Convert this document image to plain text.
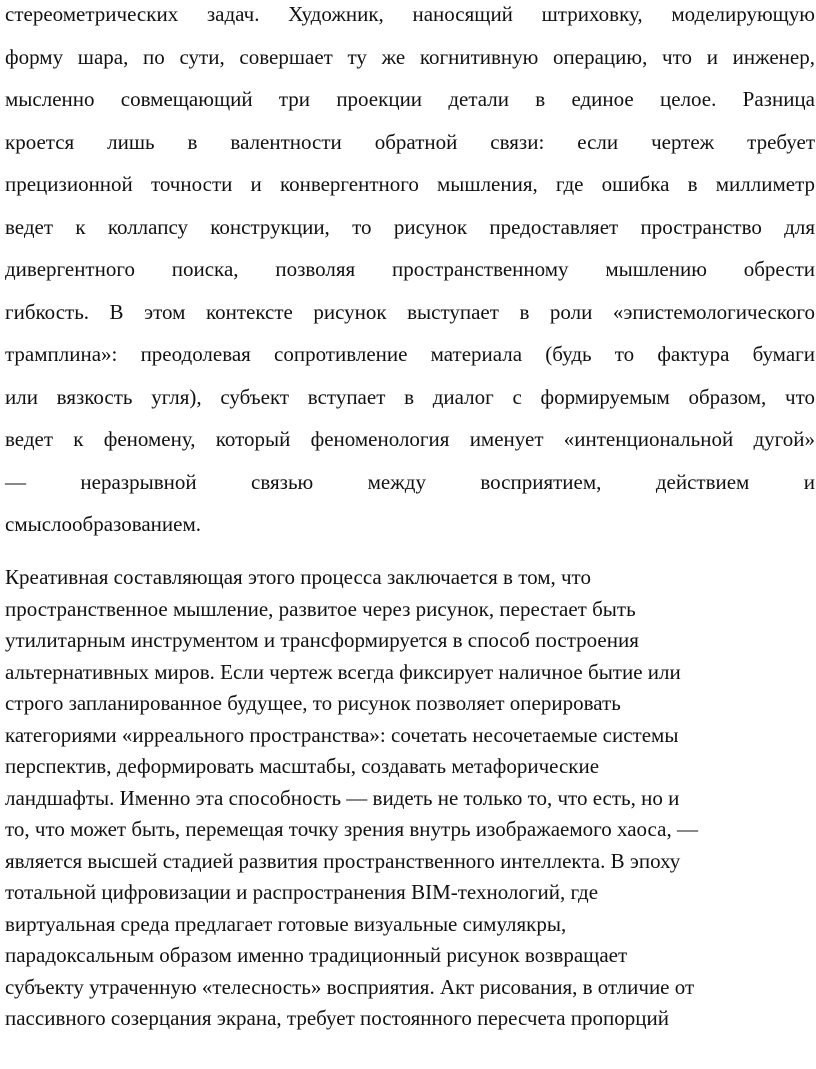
стереометрических задач. Художник, наносящий штриховку, моделирующую
форму шара, по сути, совершает ту же когнитивную операцию, что и инженер,
мысленно совмещающий три проекции детали в единое целое. Разница
кроется лишь в валентности обратной связи: если чертеж требует
прецизионной точности и конвергентного мышления, где ошибка в миллиметр
ведет к коллапсу конструкции, то рисунок предоставляет пространство для
дивергентного поиска, позволяя пространственному мышлению обрести
гибкость. В этом контексте рисунок выступает в роли «эпистемологического
трамплина»: преодолевая сопротивление материала (будь то фактура бумаги
или вязкость угля), субъект вступает в диалог с формируемым образом, что
ведет к феномену, который феноменология именует «интенциональной дугой»
— неразрывной связью между восприятием, действием и
смыслообразованием.
Креативная составляющая этого процесса заключается в том, что
пространственное мышление, развитое через рисунок, перестает быть
утилитарным инструментом и трансформируется в способ построения
альтернативных миров. Если чертеж всегда фиксирует наличное бытие или
строго запланированное будущее, то рисунок позволяет оперировать
категориями «ирреального пространства»: сочетать несочетаемые системы
перспектив, деформировать масштабы, создавать метафорические
ландшафты. Именно эта способность — видеть не только то, что есть, но и
то, что может быть, перемещая точку зрения внутрь изображаемого хаоса, —
является высшей стадией развития пространственного интеллекта. В эпоху
тотальной цифровизации и распространения BIM-технологий, где
виртуальная среда предлагает готовые визуальные симулякры,
парадоксальным образом именно традиционный рисунок возвращает
субъекту утраченную «телесность» восприятия. Акт рисования, в отличие от
пассивного созерцания экрана, требует постоянного пересчета пропорций
